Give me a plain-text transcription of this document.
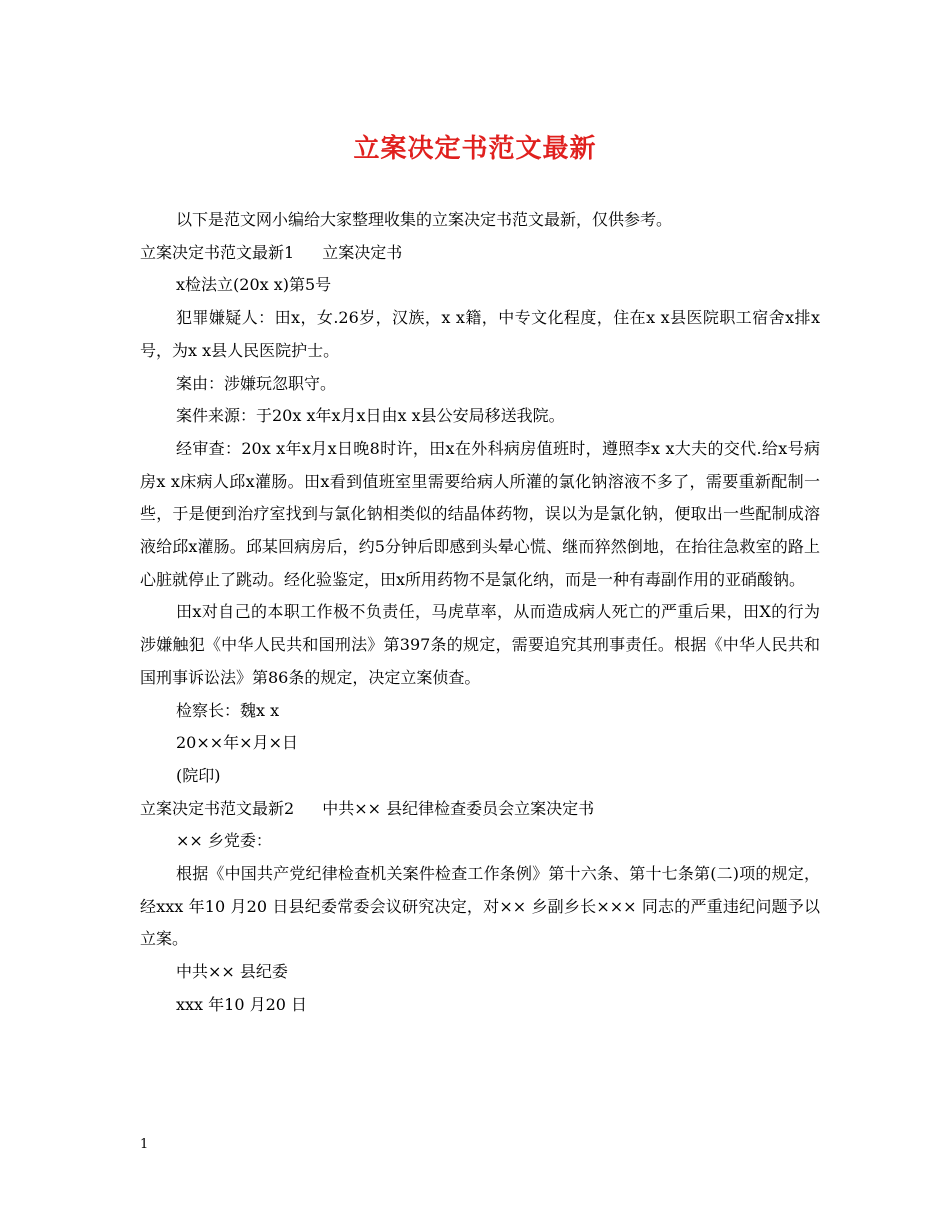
立案决定书范文最新

以下是范文网小编给大家整理收集的立案决定书范文最新，仅供参考。

立案决定书范文最新1 立案决定书

x检法立(20x x)第5号

犯罪嫌疑人：田x，女.26岁，汉族，x x籍，中专文化程度，住在x x县医院职工宿舍x排x号，为x x县人民医院护士。

案由：涉嫌玩忽职守。

案件来源：于20x x年x月x日由x x县公安局移送我院。

经审查：20x x年x月x日晚8时许，田x在外科病房值班时，遵照李x x大夫的交代.给x号病房x x床病人邱x灌肠。田x看到值班室里需要给病人所灌的氯化钠溶液不多了，需要重新配制一些，于是便到治疗室找到与氯化钠相类似的结晶体药物，误以为是氯化钠，便取出一些配制成溶液给邱x灌肠。邱某回病房后，约5分钟后即感到头晕心慌、继而猝然倒地，在抬往急救室的路上心脏就停止了跳动。经化验鉴定，田x所用药物不是氯化纳，而是一种有毒副作用的亚硝酸钠。

田x对自己的本职工作极不负责任，马虎草率，从而造成病人死亡的严重后果，田X的行为涉嫌触犯《中华人民共和国刑法》第397条的规定，需要追究其刑事责任。根据《中华人民共和国刑事诉讼法》第86条的规定，决定立案侦查。

检察长：魏x x

20××年×月×日

(院印)

立案决定书范文最新2 中共×× 县纪律检查委员会立案决定书

×× 乡党委：

根据《中国共产党纪律检查机关案件检查工作条例》第十六条、第十七条第(二)项的规定，经xxx 年10 月20 日县纪委常委会议研究决定，对×× 乡副乡长××× 同志的严重违纪问题予以立案。

中共×× 县纪委

xxx 年10 月20 日

1
